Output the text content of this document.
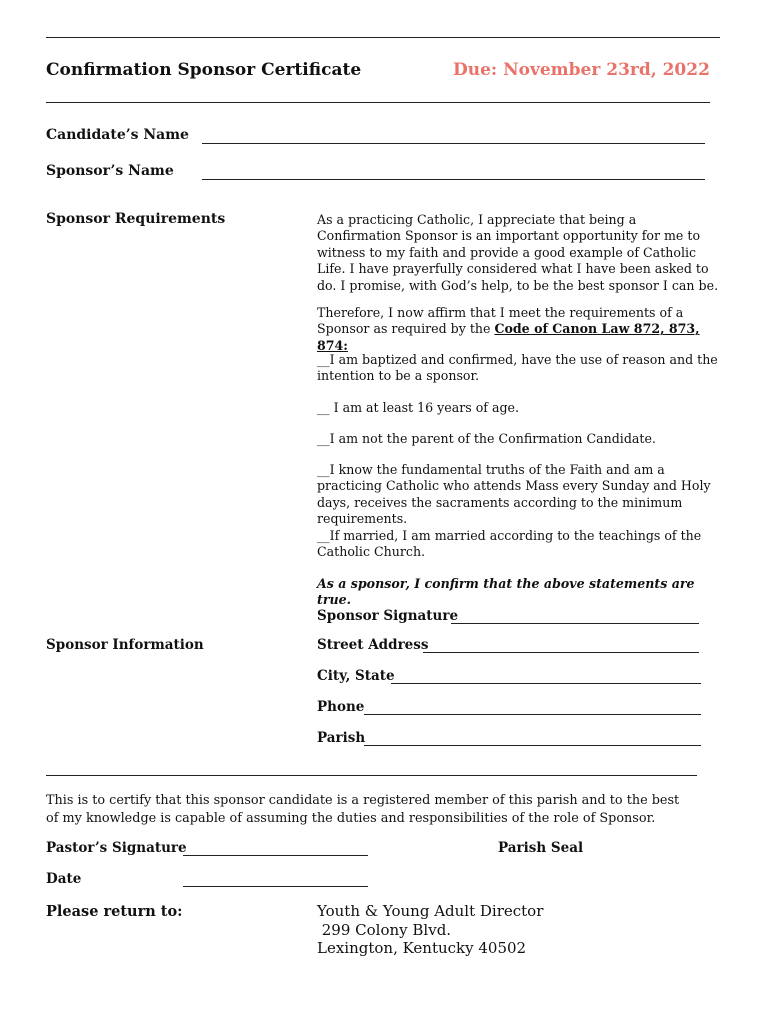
Confirmation Sponsor Certificate	Due: November 23rd, 2022
Candidate’s Name
Sponsor’s Name
Sponsor Requirements	As a practicing Catholic, I appreciate that being a Confirmation Sponsor is an important opportunity for me to witness to my faith and provide a good example of Catholic Life. I have prayerfully considered what I have been asked to do. I promise, with God’s help, to be the best sponsor I can be.
Therefore, I now affirm that I meet the requirements of a Sponsor as required by the Code of Canon Law 872, 873, 874:
__I am baptized and confirmed, have the use of reason and the intention to be a sponsor.
__ I am at least 16 years of age.
__I am not the parent of the Confirmation Candidate.
__I know the fundamental truths of the Faith and am a practicing Catholic who attends Mass every Sunday and Holy days, receives the sacraments according to the minimum requirements.
__If married, I am married according to the teachings of the Catholic Church.
As a sponsor, I confirm that the above statements are true.
Sponsor Signature
Sponsor Information	Street Address
City, State
Phone
Parish
This is to certify that this sponsor candidate is a registered member of this parish and to the best of my knowledge is capable of assuming the duties and responsibilities of the role of Sponsor.
Pastor’s Signature	Parish Seal
Date
Please return to:	Youth & Young Adult Director
299 Colony Blvd.
Lexington, Kentucky 40502
